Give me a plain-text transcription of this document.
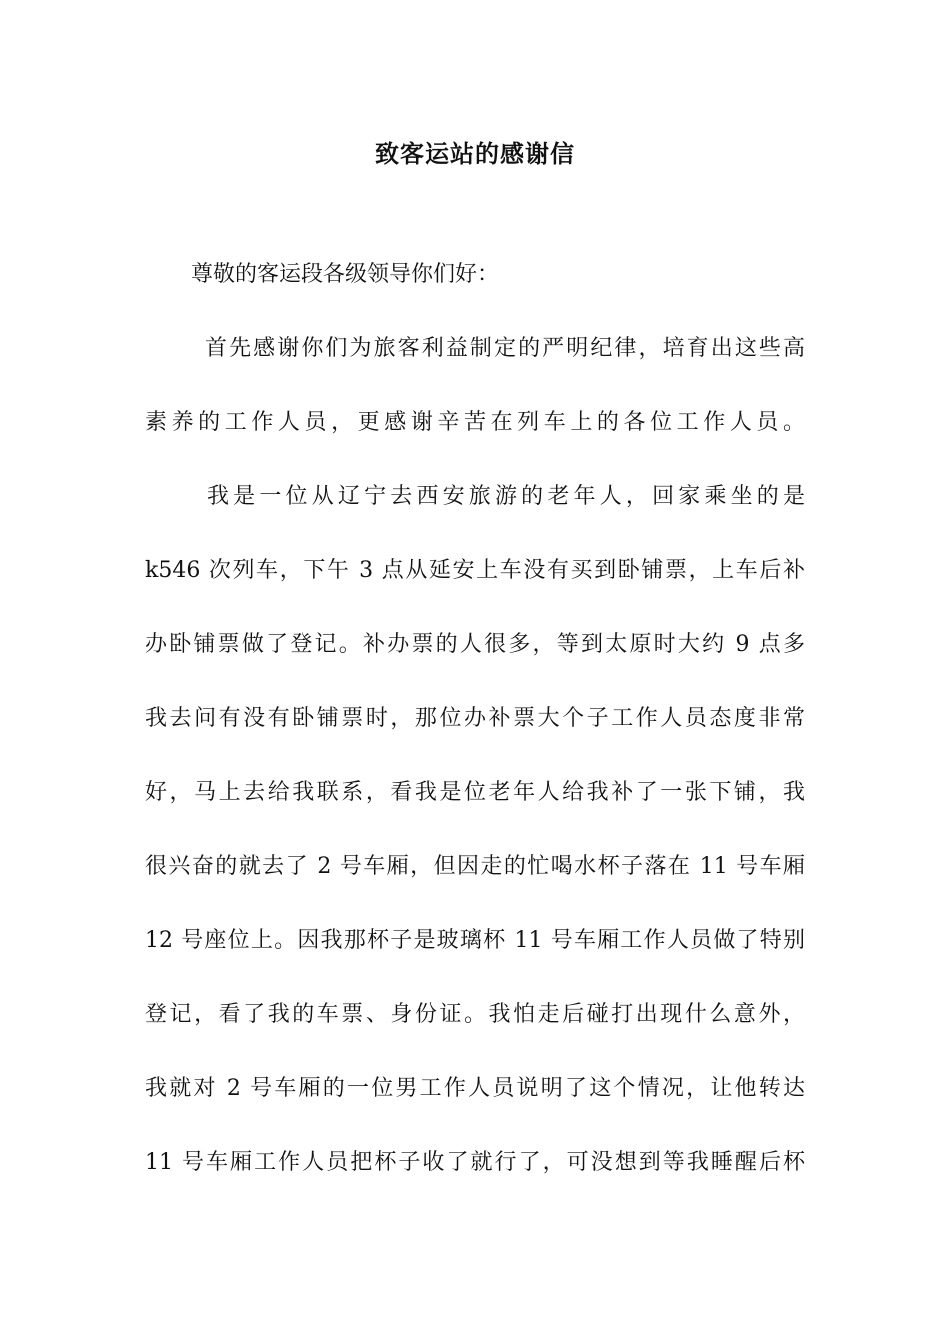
致客运站的感谢信

尊敬的客运段各级领导你们好：

首先感谢你们为旅客利益制定的严明纪律，培育出这些高

素养的工作人员，更感谢辛苦在列车上的各位工作人员。

我是一位从辽宁去西安旅游的老年人，回家乘坐的是

k546 次列车，下午 3 点从延安上车没有买到卧铺票，上车后补

办卧铺票做了登记。补办票的人很多，等到太原时大约 9 点多

我去问有没有卧铺票时，那位办补票大个子工作人员态度非常

好，马上去给我联系，看我是位老年人给我补了一张下铺，我

很兴奋的就去了 2 号车厢，但因走的忙喝水杯子落在 11 号车厢

12 号座位上。因我那杯子是玻璃杯 11 号车厢工作人员做了特别

登记，看了我的车票、身份证。我怕走后碰打出现什么意外，

我就对 2 号车厢的一位男工作人员说明了这个情况，让他转达

11 号车厢工作人员把杯子收了就行了，可没想到等我睡醒后杯
